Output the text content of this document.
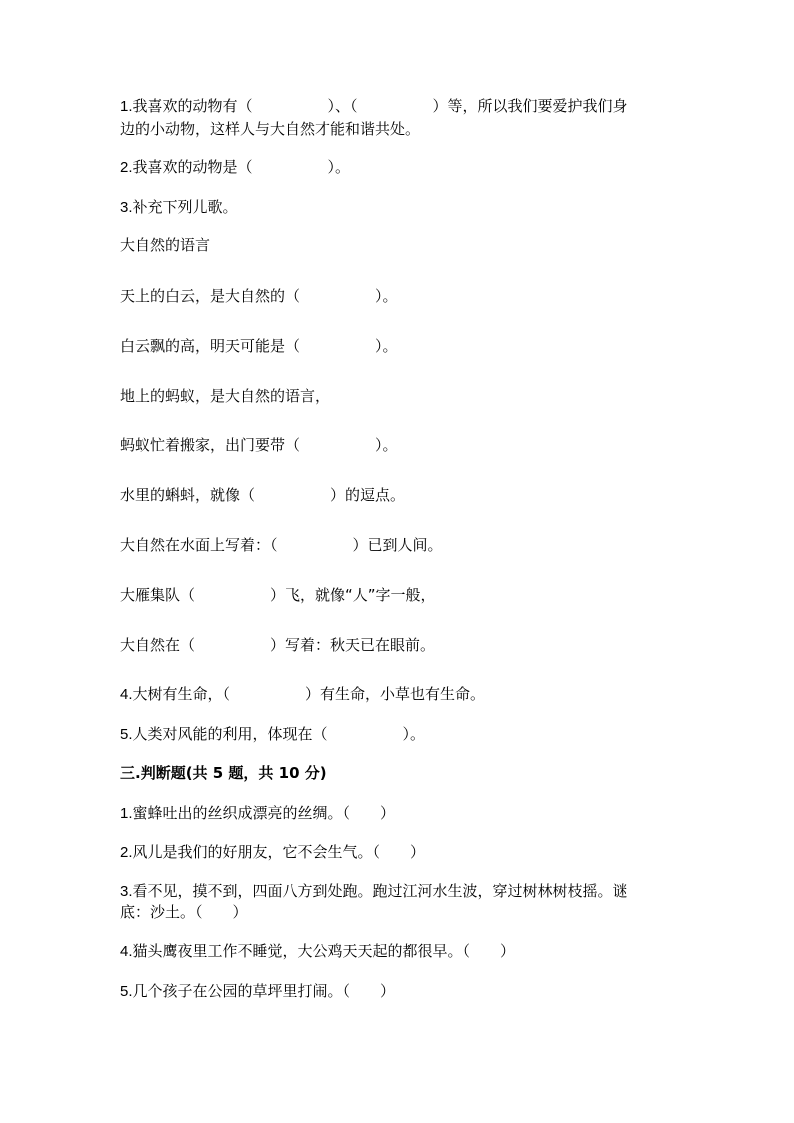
1.我喜欢的动物有（　　　　　）、（　　　　　）等，所以我们要爱护我们身
边的小动物，这样人与大自然才能和谐共处。
2.我喜欢的动物是（　　　　　）。
3.补充下列儿歌。
大自然的语言
天上的白云，是大自然的（　　　　　）。
白云飘的高，明天可能是（　　　　　）。
地上的蚂蚁，是大自然的语言，
蚂蚁忙着搬家，出门要带（　　　　　）。
水里的蝌蚪，就像（　　　　　）的逗点。
大自然在水面上写着：（　　　　　）已到人间。
大雁集队（　　　　　）飞，就像“人”字一般，
大自然在（　　　　　）写着：秋天已在眼前。
4.大树有生命，（　　　　　）有生命，小草也有生命。
5.人类对风能的利用，体现在（　　　　　）。
三.判断题(共 5 题，共 10 分)
1.蜜蜂吐出的丝织成漂亮的丝绸。（　　）
2.风儿是我们的好朋友，它不会生气。（　　）
3.看不见，摸不到，四面八方到处跑。跑过江河水生波，穿过树林树枝摇。谜
底：沙土。（　　）
4.猫头鹰夜里工作不睡觉，大公鸡天天起的都很早。（　　）
5.几个孩子在公园的草坪里打闹。（　　）
